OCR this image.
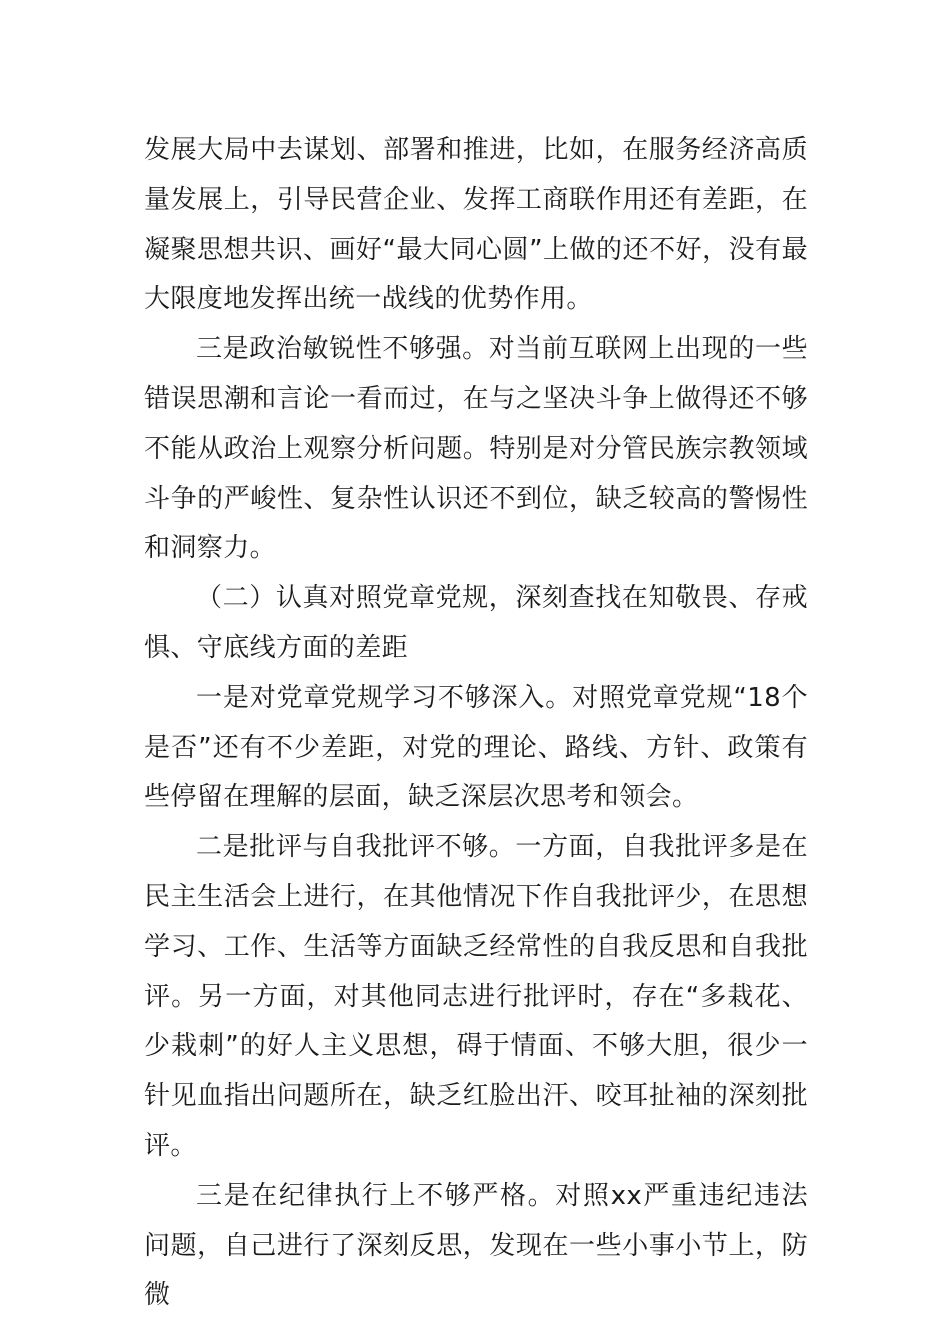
发展大局中去谋划、部署和推进，比如，在服务经济高质量发展上，引导民营企业、发挥工商联作用还有差距，在凝聚思想共识、画好“最大同心圆”上做的还不好，没有最大限度地发挥出统一战线的优势作用。

三是政治敏锐性不够强。对当前互联网上出现的一些错误思潮和言论一看而过，在与之坚决斗争上做得还不够不能从政治上观察分析问题。特别是对分管民族宗教领域斗争的严峻性、复杂性认识还不到位，缺乏较高的警惕性和洞察力。

（二）认真对照党章党规，深刻查找在知敬畏、存戒惧、守底线方面的差距

一是对党章党规学习不够深入。对照党章党规“18个是否”还有不少差距，对党的理论、路线、方针、政策有些停留在理解的层面，缺乏深层次思考和领会。

二是批评与自我批评不够。一方面，自我批评多是在民主生活会上进行，在其他情况下作自我批评少，在思想学习、工作、生活等方面缺乏经常性的自我反思和自我批评。另一方面，对其他同志进行批评时，存在“多栽花、少栽刺”的好人主义思想，碍于情面、不够大胆，很少一针见血指出问题所在，缺乏红脸出汗、咬耳扯袖的深刻批评。

三是在纪律执行上不够严格。对照xx严重违纪违法问题，自己进行了深刻反思，发现在一些小事小节上，防微
